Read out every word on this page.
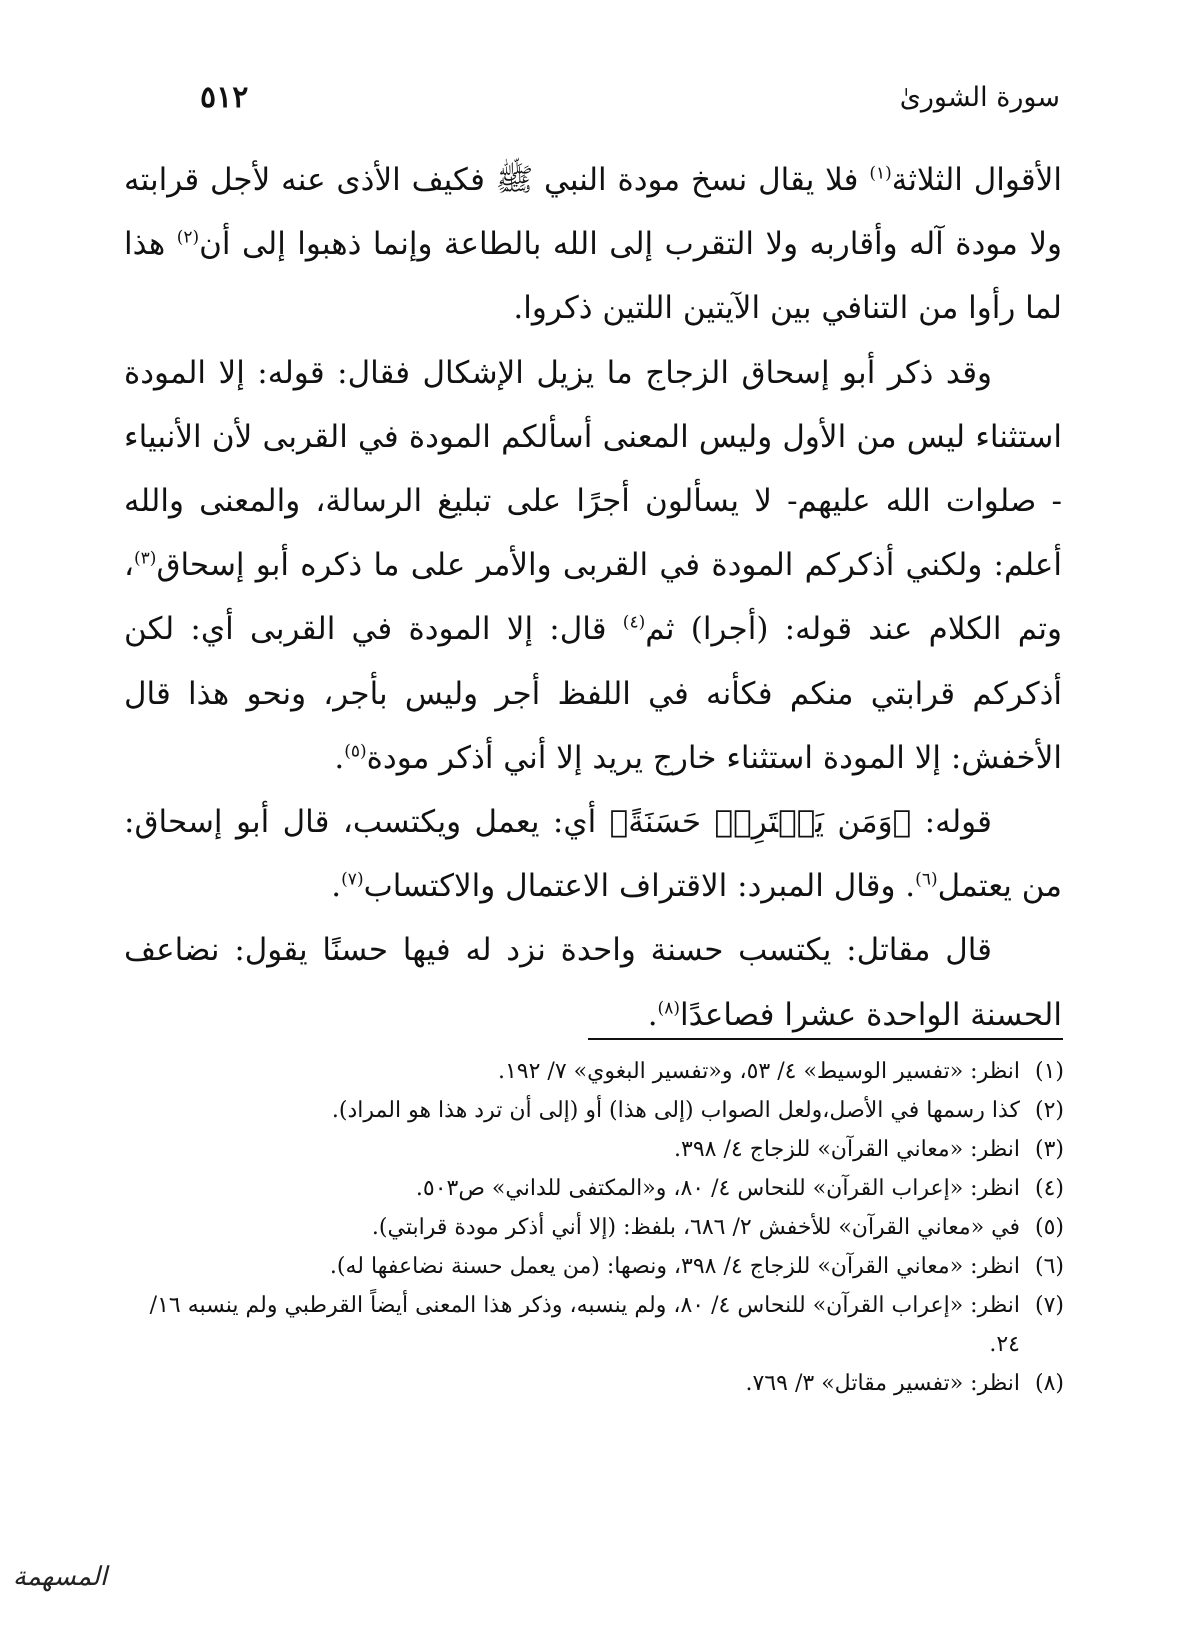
٥١٢	سورة الشورىٰ

الأقوال الثلاثة$^{(١)}$ فلا يقال نسخ مودة النبي ﷺ فكيف الأذى عنه لأجل قرابته ولا مودة آله وأقاربه ولا التقرب إلى الله بالطاعة وإنما ذهبوا إلى أن$^{(٢)}$ هذا لما رأوا من التنافي بين الآيتين اللتين ذكروا.

وقد ذكر أبو إسحاق الزجاج ما يزيل الإشكال فقال: قوله: إلا المودة استثناء ليس من الأول وليس المعنى أسألكم المودة في القربى لأن الأنبياء - صلوات الله عليهم- لا يسألون أجرًا على تبليغ الرسالة، والمعنى والله أعلم: ولكني أذكركم المودة في القربى والأمر على ما ذكره أبو إسحاق$^{(٣)}$، وتم الكلام عند قوله: (أجرا) ثم$^{(٤)}$ قال: إلا المودة في القربى أي: لكن أذكركم قرابتي منكم فكأنه في اللفظ أجر وليس بأجر، ونحو هذا قال الأخفش: إلا المودة استثناء خارج يريد إلا أني أذكر مودة$^{(٥)}$.

قوله: ﴿وَمَن يَقۡتَرِفۡ حَسَنَةً﴾ أي: يعمل ويكتسب، قال أبو إسحاق: من يعتمل$^{(٦)}$. وقال المبرد: الاقتراف الاعتمال والاكتساب$^{(٧)}$.

قال مقاتل: يكتسب حسنة واحدة نزد له فيها حسنًا يقول: نضاعف الحسنة الواحدة عشرا فصاعدًا$^{(٨)}$.

(١)انظر: «تفسير الوسيط» ٤/ ٥٣، و«تفسير البغوي» ٧/ ١٩٢.

(٢)كذا رسمها في الأصل،ولعل الصواب (إلى هذا) أو (إلى أن ترد هذا هو المراد).

(٣)انظر: «معاني القرآن» للزجاج ٤/ ٣٩٨.

(٤)انظر: «إعراب القرآن» للنحاس ٤/ ٨٠، و«المكتفى للداني» ص٥٠٣.

(٥)في «معاني القرآن» للأخفش ٢/ ٦٨٦، بلفظ: (إلا أني أذكر مودة قرابتي).

(٦)انظر: «معاني القرآن» للزجاج ٤/ ٣٩٨، ونصها: (من يعمل حسنة نضاعفها له).

(٧)انظر: «إعراب القرآن» للنحاس ٤/ ٨٠، ولم ينسبه، وذكر هذا المعنى أيضاً القرطبي ولم ينسبه ١٦/ ٢٤.

(٨)انظر: «تفسير مقاتل» ٣/ ٧٦٩.

المسهمة
